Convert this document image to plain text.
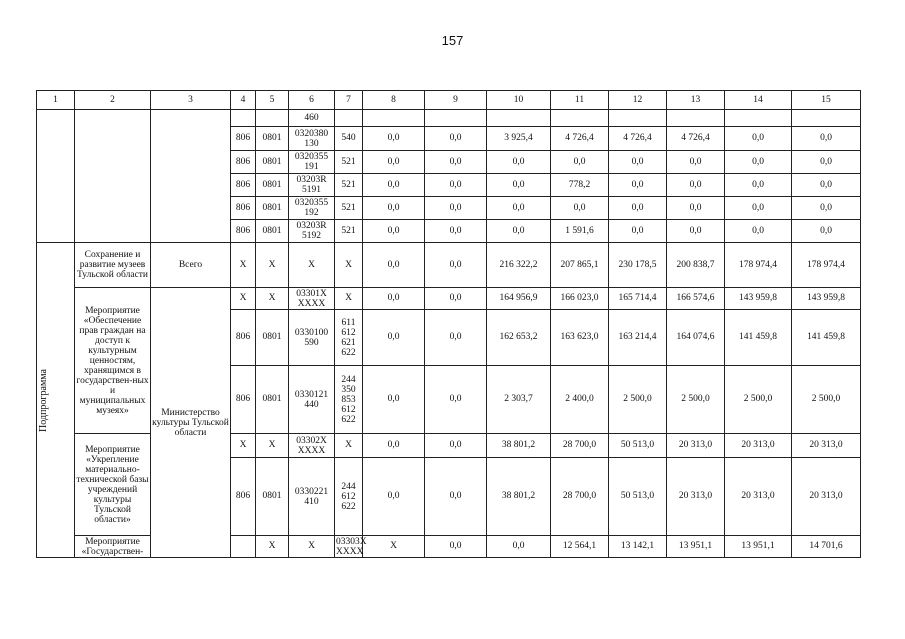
157
1	2	3	4	5	6	7	8	9	10	11	12	13	14	15	
					460										
			806	0801	0320380 130	540	0,0	0,0	3 925,4	4 726,4	4 726,4	4 726,4	0,0	0,0	
			806	0801	0320355 191	521	0,0	0,0	0,0	0,0	0,0	0,0	0,0	0,0	
			806	0801	03203R 5191	521	0,0	0,0	0,0	778,2	0,0	0,0	0,0	0,0	
			806	0801	0320355 192	521	0,0	0,0	0,0	0,0	0,0	0,0	0,0	0,0	
			806	0801	03203R 5192	521	0,0	0,0	0,0	1 591,6	0,0	0,0	0,0	0,0	

Подпрограмма	Сохранение и развитие музеев Тульской области	Всего	X	X	X	X	0,0	0,0	216 322,2	207 865,1	230 178,5	200 838,7	178 974,4	178 974,4	
	Мероприятие «Обеспечение прав граждан на доступ к культурным ценностям, хранящимся в государствен-ных и муниципальных музеях»	Министерство культуры Тульской области	X	X	03301X XXXX	X	0,0	0,0	164 956,9	166 023,0	165 714,4	166 574,6	143 959,8	143 959,8	
			806	0801	0330100 590	611 612 621 622	0,0	0,0	162 653,2	163 623,0	163 214,4	164 074,6	141 459,8	141 459,8	
			806	0801	0330121 440	244 350 853 612 622	0,0	0,0	2 303,7	2 400,0	2 500,0	2 500,0	2 500,0	2 500,0	
	Мероприятие «Укрепление материально-технической базы учреждений культуры Тульской области»		X	X	03302X XXXX	X	0,0	0,0	38 801,2	28 700,0	50 513,0	20 313,0	20 313,0	20 313,0	
			806	0801	0330221 410	244 612 622	0,0	0,0	38 801,2	28 700,0	50 513,0	20 313,0	20 313,0	20 313,0	
	Мероприятие «Государствен-			X	X	03303X XXXX	X	0,0	0,0	12 564,1	13 142,1	13 951,1	13 951,1	14 701,6	
